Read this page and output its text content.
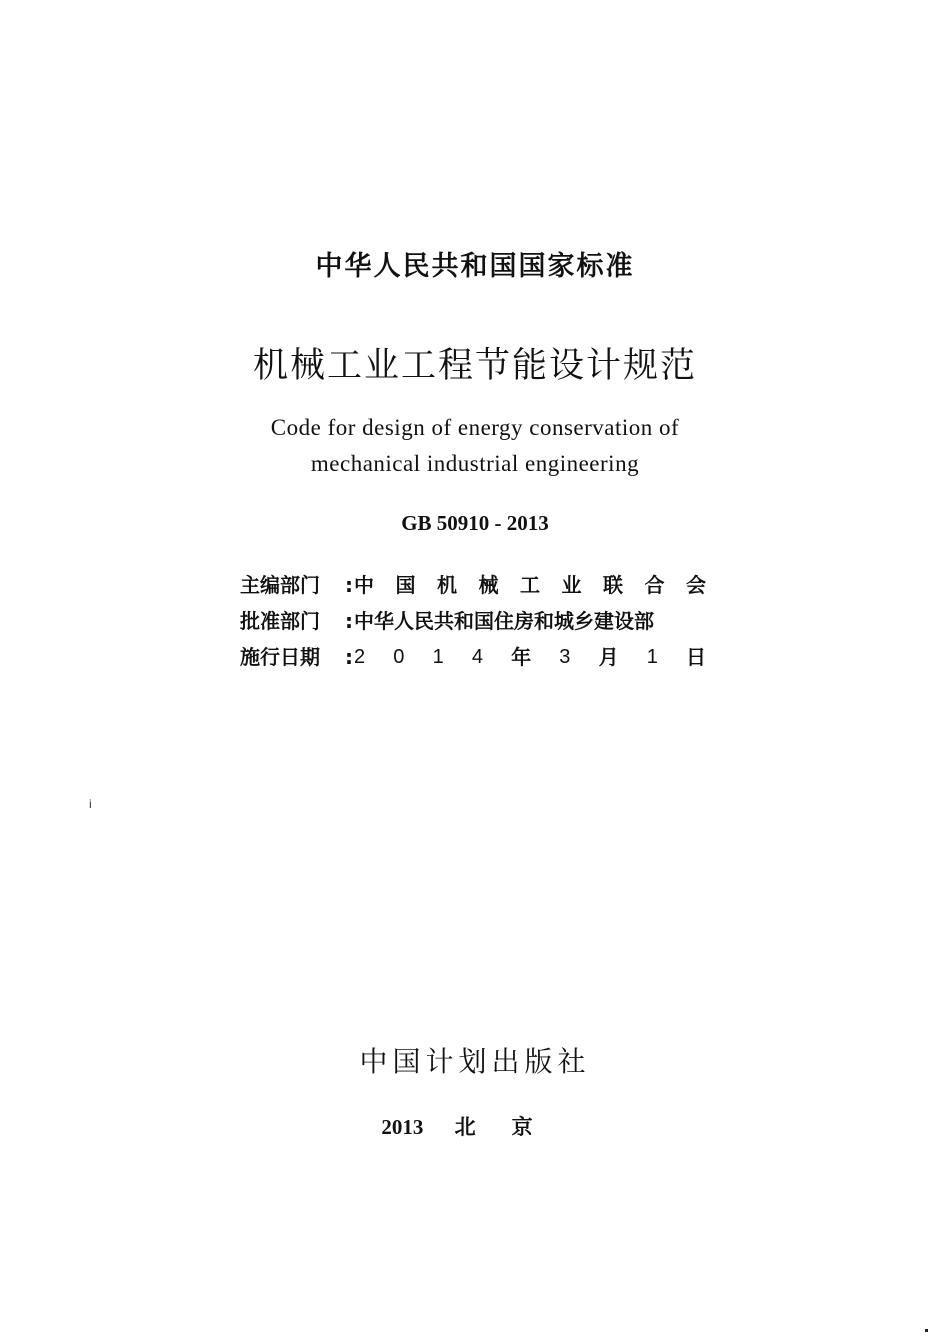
中华人民共和国国家标准
机械工业工程节能设计规范
Code for design of energy conservation of
mechanical industrial engineering
GB 50910 - 2013
主编部门	: 中 国 机 械 工 业 联 合 会
批准部门	: 中华人民共和国住房和城乡建设部
施行日期	: 2 0 1 4 年 3 月 1 日
i
中国计划出版社
2013 北京
